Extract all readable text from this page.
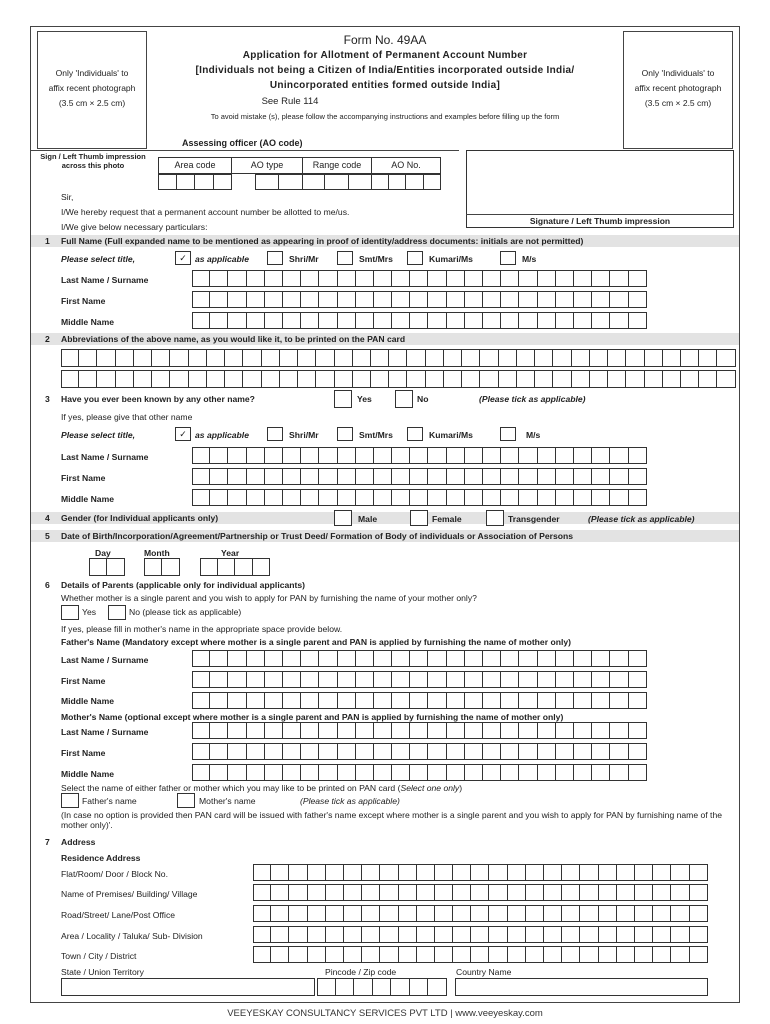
Only 'Individuals' to
affix recent photograph
(3.5 cm × 2.5 cm)
Sign / Left Thumb impression across this photo
Only 'Individuals' to
affix recent photograph
(3.5 cm × 2.5 cm)
Form No. 49AA
Application for Allotment of Permanent Account Number
[Individuals not being a Citizen of India/Entities incorporated outside India/
Unincorporated entities formed outside India]
See Rule 114
To avoid mistake (s), please follow the accompanying instructions and examples before filling up the form
Assessing officer (AO code)
Area code	AO type	Range code	AO No.
Signature / Left Thumb impression
Sir,
I/We hereby request that a permanent account number be allotted to me/us.
I/We give below necessary particulars:
1 Full Name (Full expanded name to be mentioned as appearing in proof of identity/address documents: initials are not permitted)
Please select title,	✓ as applicable	Shri/Mr	Smt/Mrs	Kumari/Ms	M/s
Last Name / Surname
First Name
Middle Name
2 Abbreviations of the above name, as you would like it, to be printed on the PAN card
3 Have you ever been known by any other name?	Yes	No	(Please tick as applicable)
If yes, please give that other name
Please select title,	✓ as applicable	Shri/Mr	Smt/Mrs	Kumari/Ms	M/s
Last Name / Surname
First Name
Middle Name
4 Gender (for Individual applicants only)	Male	Female	Transgender	(Please tick as applicable)
5 Date of Birth/Incorporation/Agreement/Partnership or Trust Deed/ Formation of Body of individuals or Association of Persons
Day	Month	Year
6 Details of Parents (applicable only for individual applicants)
Whether mother is a single parent and you wish to apply for PAN by furnishing the name of your mother only?
Yes	No (please tick as applicable)
If yes, please fill in mother's name in the appropriate space provide below.
Father's Name (Mandatory except where mother is a single parent and PAN is applied by furnishing the name of mother only)
Last Name / Surname
First Name
Middle Name
Mother's Name (optional except where mother is a single parent and PAN is applied by furnishing the name of mother only)
Last Name / Surname
First Name
Middle Name
Select the name of either father or mother which you may like to be printed on PAN card (Select one only)
Father's name	Mother's name	(Please tick as applicable)
(In case no option is provided then PAN card will be issued with father's name except where mother is a single parent and you wish to apply for PAN by furnishing name of the mother only)'.
7 Address
Residence Address
Flat/Room/ Door / Block No.
Name of Premises/ Building/ Village
Road/Street/ Lane/Post Office
Area / Locality / Taluka/ Sub- Division
Town / City / District
State / Union Territory	Pincode / Zip code	Country Name
VEEYESKAY CONSULTANCY SERVICES PVT LTD | www.veeyeskay.com
